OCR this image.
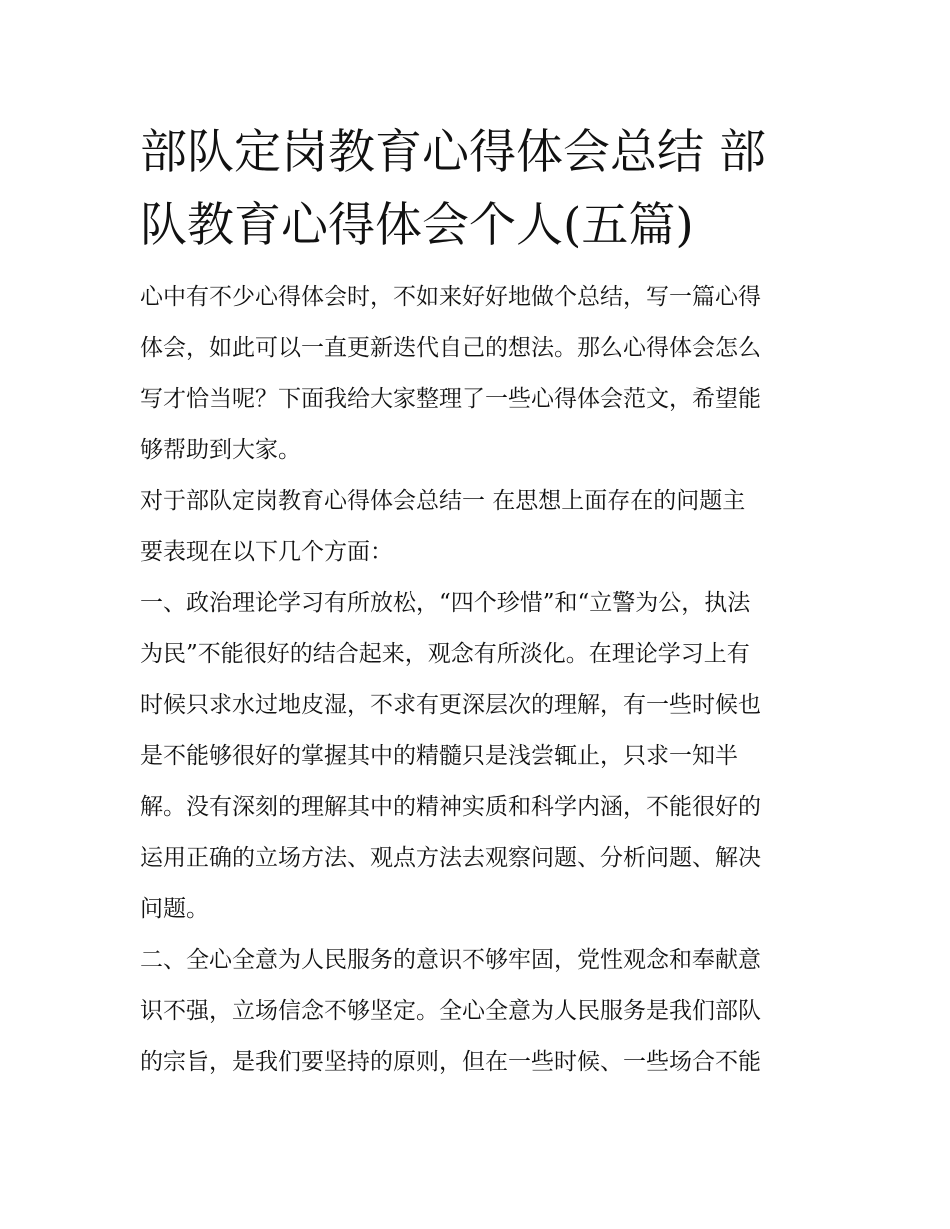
部队定岗教育心得体会总结 部
队教育心得体会个人(五篇)
心中有不少心得体会时，不如来好好地做个总结，写一篇心得
体会，如此可以一直更新迭代自己的想法。那么心得体会怎么
写才恰当呢？下面我给大家整理了一些心得体会范文，希望能
够帮助到大家。
对于部队定岗教育心得体会总结一 在思想上面存在的问题主
要表现在以下几个方面：
一、政治理论学习有所放松，“四个珍惜”和“立警为公，执法
为民”不能很好的结合起来，观念有所淡化。在理论学习上有
时候只求水过地皮湿，不求有更深层次的理解，有一些时候也
是不能够很好的掌握其中的精髓只是浅尝辄止，只求一知半
解。没有深刻的理解其中的精神实质和科学内涵，不能很好的
运用正确的立场方法、观点方法去观察问题、分析问题、解决
问题。
二、全心全意为人民服务的意识不够牢固，党性观念和奉献意
识不强，立场信念不够坚定。全心全意为人民服务是我们部队
的宗旨，是我们要坚持的原则，但在一些时候、一些场合不能
